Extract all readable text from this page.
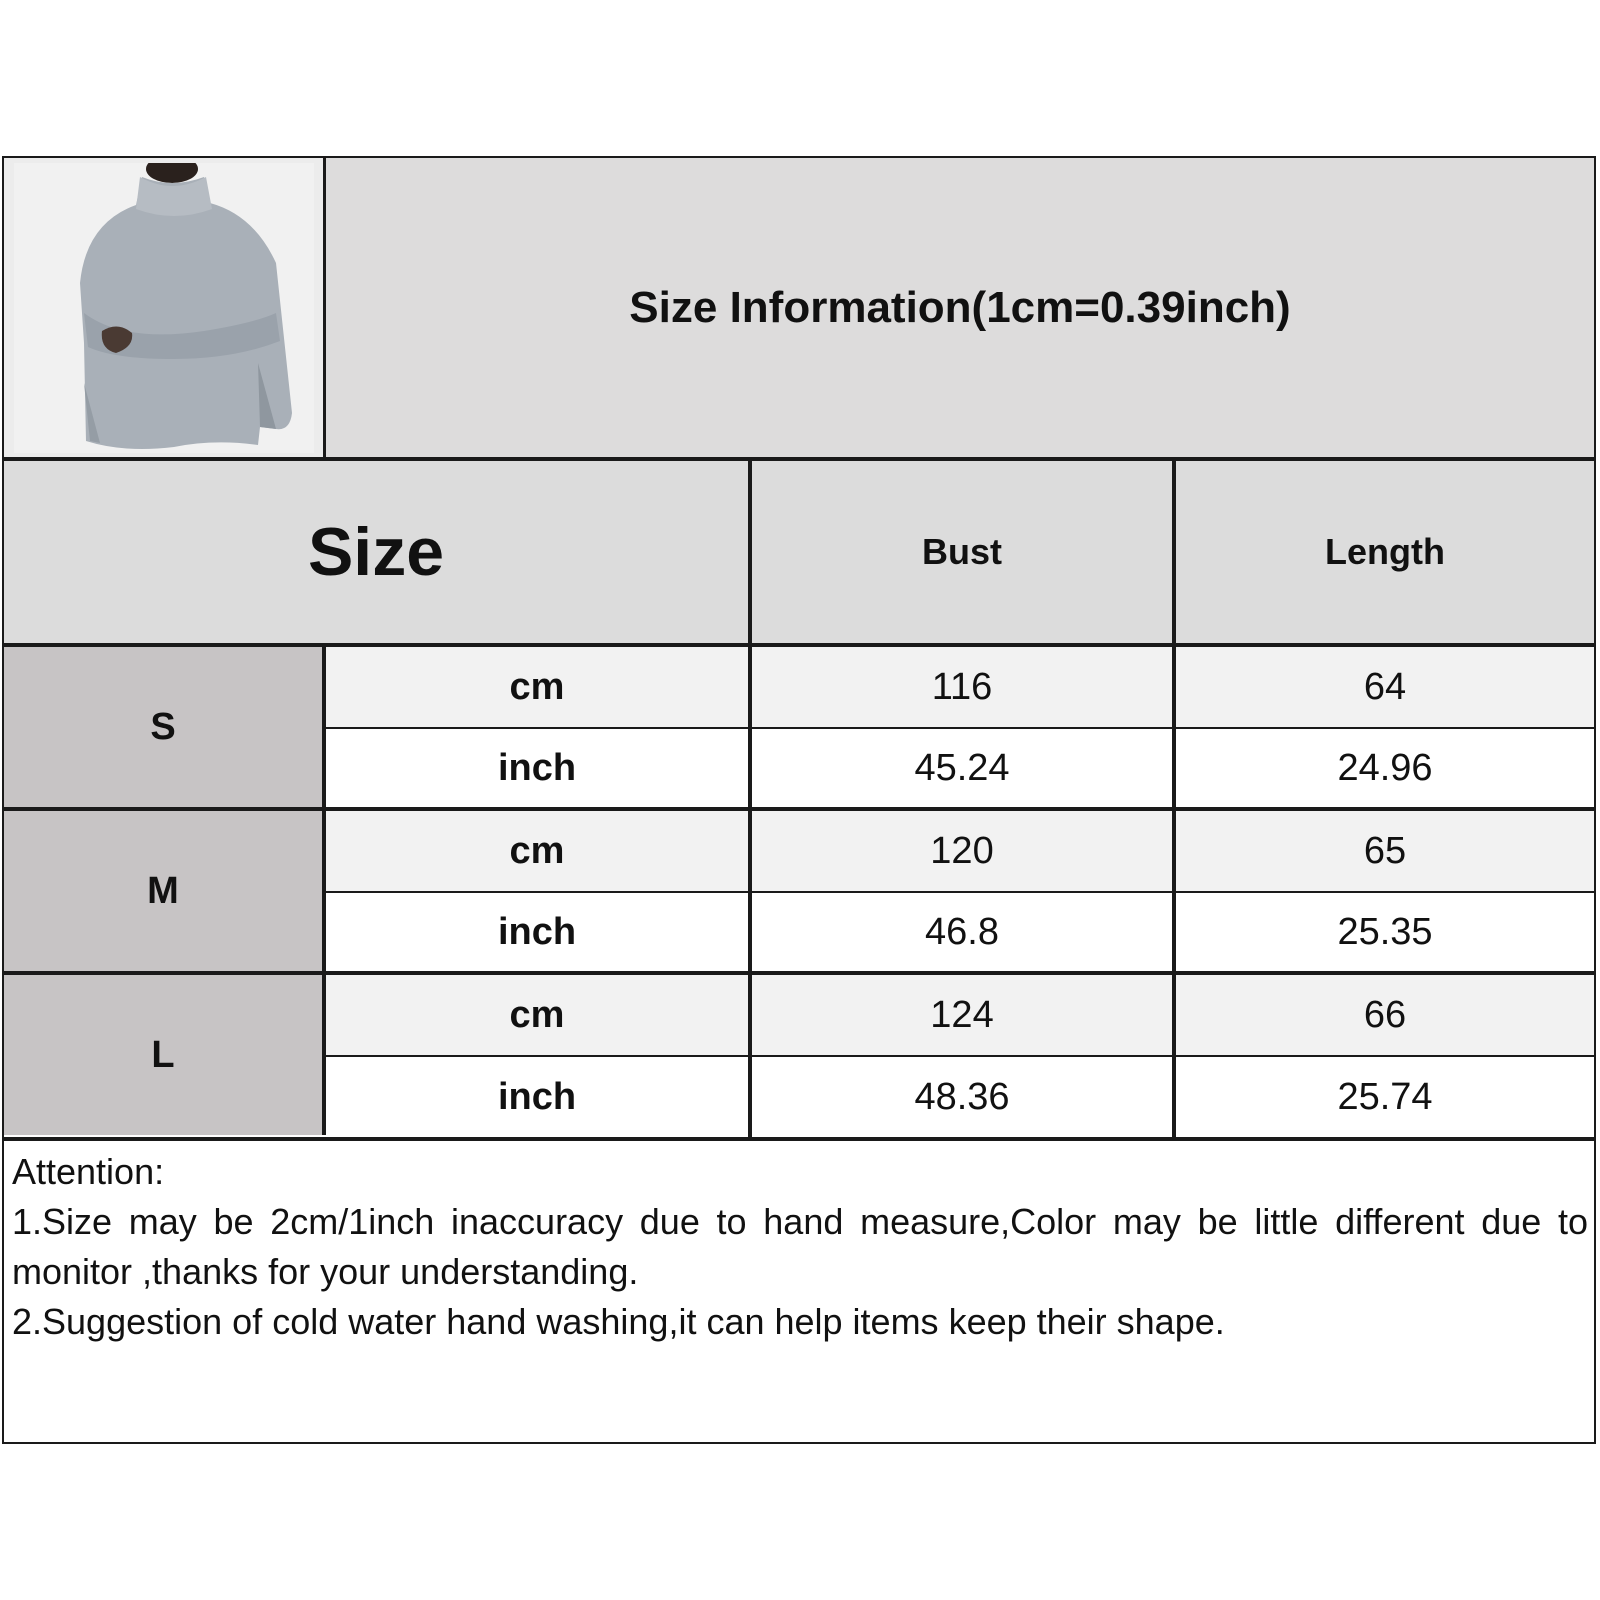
Size Information(1cm=0.39inch)
Size	Bust	Length
S
cm	116	64
inch	45.24	24.96
M
cm	120	65
inch	46.8	25.35
L
cm	124	66
inch	48.36	25.74

Attention:

1.Size may be 2cm/1inch inaccuracy due to hand measure,Color may be little different due to monitor ,thanks for your understanding.

2.Suggestion of cold water hand washing,it can help items keep their shape.
